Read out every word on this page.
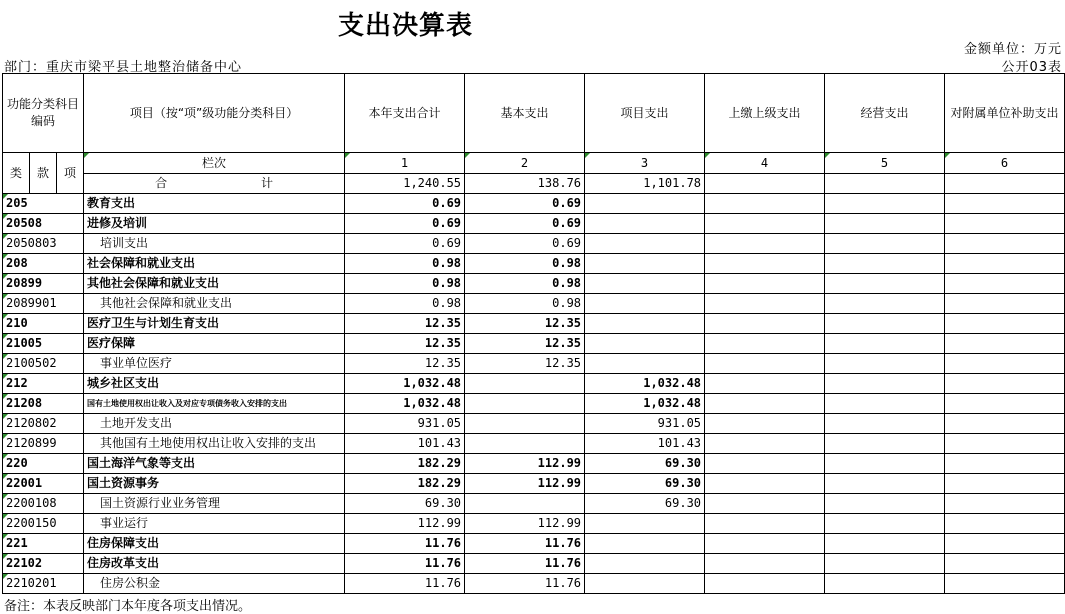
支出决算表
金额单位：万元
部门：重庆市梁平县土地整治储备中心	公开03表
功能分类科目编码			项目（按“项”级功能分类科目）	本年支出合计	基本支出	项目支出	上缴上级支出	经营支出	对附属单位补助支出
类	款	项	栏次	1	2	3	4	5	6
			合 计	1,240.55	138.76	1,101.78			
205			教育支出	0.69	0.69				
20508			进修及培训	0.69	0.69				
2050803			培训支出	0.69	0.69				
208			社会保障和就业支出	0.98	0.98				
20899			其他社会保障和就业支出	0.98	0.98				
2089901			其他社会保障和就业支出	0.98	0.98				
210			医疗卫生与计划生育支出	12.35	12.35				
21005			医疗保障	12.35	12.35				
2100502			事业单位医疗	12.35	12.35				
212			城乡社区支出	1,032.48		1,032.48			
21208			国有土地使用权出让收入及对应专项债务收入安排的支出	1,032.48		1,032.48			
2120802			土地开发支出	931.05		931.05			
2120899			其他国有土地使用权出让收入安排的支出	101.43		101.43			
220			国土海洋气象等支出	182.29	112.99	69.30			
22001			国土资源事务	182.29	112.99	69.30			
2200108			国土资源行业业务管理	69.30		69.30			
2200150			事业运行	112.99	112.99				
221			住房保障支出	11.76	11.76				
22102			住房改革支出	11.76	11.76				
2210201			住房公积金	11.76	11.76				
备注：本表反映部门本年度各项支出情况。
